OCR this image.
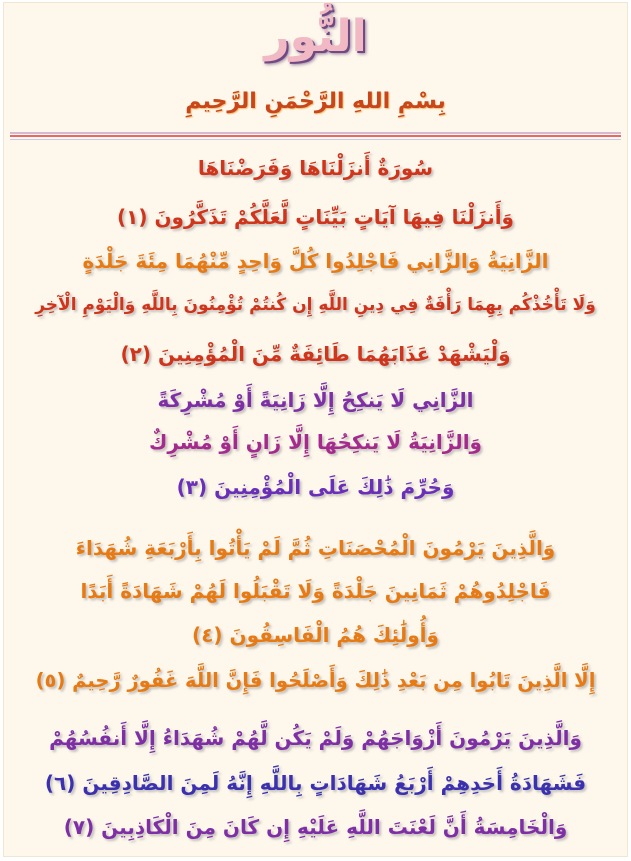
النُّور
بِسْمِ اللهِ الرَّحْمَنِ الرَّحِيمِ
سُورَةٌ أَنزَلْنَاهَا وَفَرَضْنَاهَا
وَأَنزَلْنَا فِيهَا آيَاتٍ بَيِّنَاتٍ لَّعَلَّكُمْ تَذَكَّرُونَ (١)
الزَّانِيَةُ وَالزَّانِي فَاجْلِدُوا كُلَّ وَاحِدٍ مِّنْهُمَا مِئَةَ جَلْدَةٍ
وَلَا تَأْخُذْكُم بِهِمَا رَأْفَةٌ فِي دِينِ اللَّهِ إِن كُنتُمْ تُؤْمِنُونَ بِاللَّهِ وَالْيَوْمِ الْآخِرِ
وَلْيَشْهَدْ عَذَابَهُمَا طَائِفَةٌ مِّنَ الْمُؤْمِنِينَ (٢)
الزَّانِي لَا يَنكِحُ إِلَّا زَانِيَةً أَوْ مُشْرِكَةً
وَالزَّانِيَةُ لَا يَنكِحُهَا إِلَّا زَانٍ أَوْ مُشْرِكٌ
وَحُرِّمَ ذَٰلِكَ عَلَى الْمُؤْمِنِينَ (٣)
وَالَّذِينَ يَرْمُونَ الْمُحْصَنَاتِ ثُمَّ لَمْ يَأْتُوا بِأَرْبَعَةِ شُهَدَاءَ
فَاجْلِدُوهُمْ ثَمَانِينَ جَلْدَةً وَلَا تَقْبَلُوا لَهُمْ شَهَادَةً أَبَدًا
وَأُولَٰئِكَ هُمُ الْفَاسِقُونَ (٤)
إِلَّا الَّذِينَ تَابُوا مِن بَعْدِ ذَٰلِكَ وَأَصْلَحُوا فَإِنَّ اللَّهَ غَفُورٌ رَّحِيمٌ (٥)
وَالَّذِينَ يَرْمُونَ أَزْوَاجَهُمْ وَلَمْ يَكُن لَّهُمْ شُهَدَاءُ إِلَّا أَنفُسُهُمْ
فَشَهَادَةُ أَحَدِهِمْ أَرْبَعُ شَهَادَاتٍ بِاللَّهِ إِنَّهُ لَمِنَ الصَّادِقِينَ (٦)
وَالْخَامِسَةُ أَنَّ لَعْنَتَ اللَّهِ عَلَيْهِ إِن كَانَ مِنَ الْكَاذِبِينَ (٧)
